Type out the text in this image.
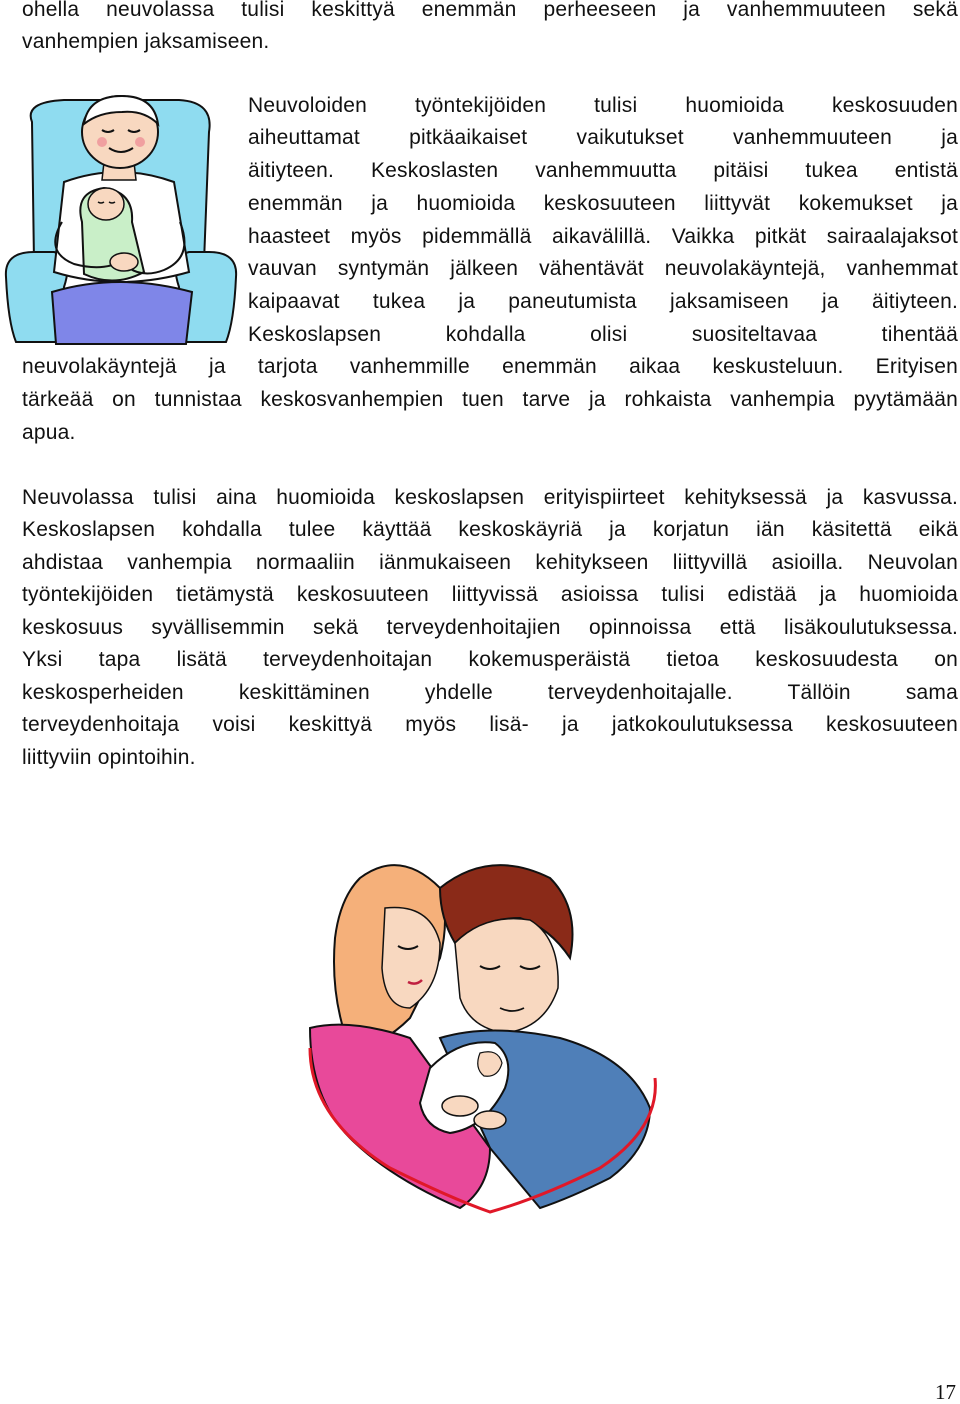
ohella neuvolassa tulisi keskittyä enemmän perheeseen ja vanhemmuuteen sekä
vanhempien jaksamiseen.
Neuvoloiden työntekijöiden tulisi huomioida keskosuuden
aiheuttamat pitkäaikaiset vaikutukset vanhemmuuteen ja
äitiyteen. Keskoslasten vanhemmuutta pitäisi tukea entistä
enemmän ja huomioida keskosuuteen liittyvät kokemukset ja
haasteet myös pidemmällä aikavälillä. Vaikka pitkät sairaalajaksot
vauvan syntymän jälkeen vähentävät neuvolakäyntejä, vanhemmat
kaipaavat tukea ja paneutumista jaksamiseen ja äitiyteen.
Keskoslapsen kohdalla olisi suositeltavaa tihentää
neuvolakäyntejä ja tarjota vanhemmille enemmän aikaa keskusteluun. Erityisen
tärkeää on tunnistaa keskosvanhempien tuen tarve ja rohkaista vanhempia pyytämään
apua.
Neuvolassa tulisi aina huomioida keskoslapsen erityispiirteet kehityksessä ja kasvussa.
Keskoslapsen kohdalla tulee käyttää keskoskäyriä ja korjatun iän käsitettä eikä
ahdistaa vanhempia normaaliin iänmukaiseen kehitykseen liittyvillä asioilla. Neuvolan
työntekijöiden tietämystä keskosuuteen liittyvissä asioissa tulisi edistää ja huomioida
keskosuus syvällisemmin sekä terveydenhoitajien opinnoissa että lisäkoulutuksessa.
Yksi tapa lisätä terveydenhoitajan kokemusperäistä tietoa keskosuudesta on
keskosperheiden keskittäminen yhdelle terveydenhoitajalle. Tällöin sama
terveydenhoitaja voisi keskittyä myös lisä- ja jatkokoulutuksessa keskosuuteen
liittyviin opintoihin.
17
